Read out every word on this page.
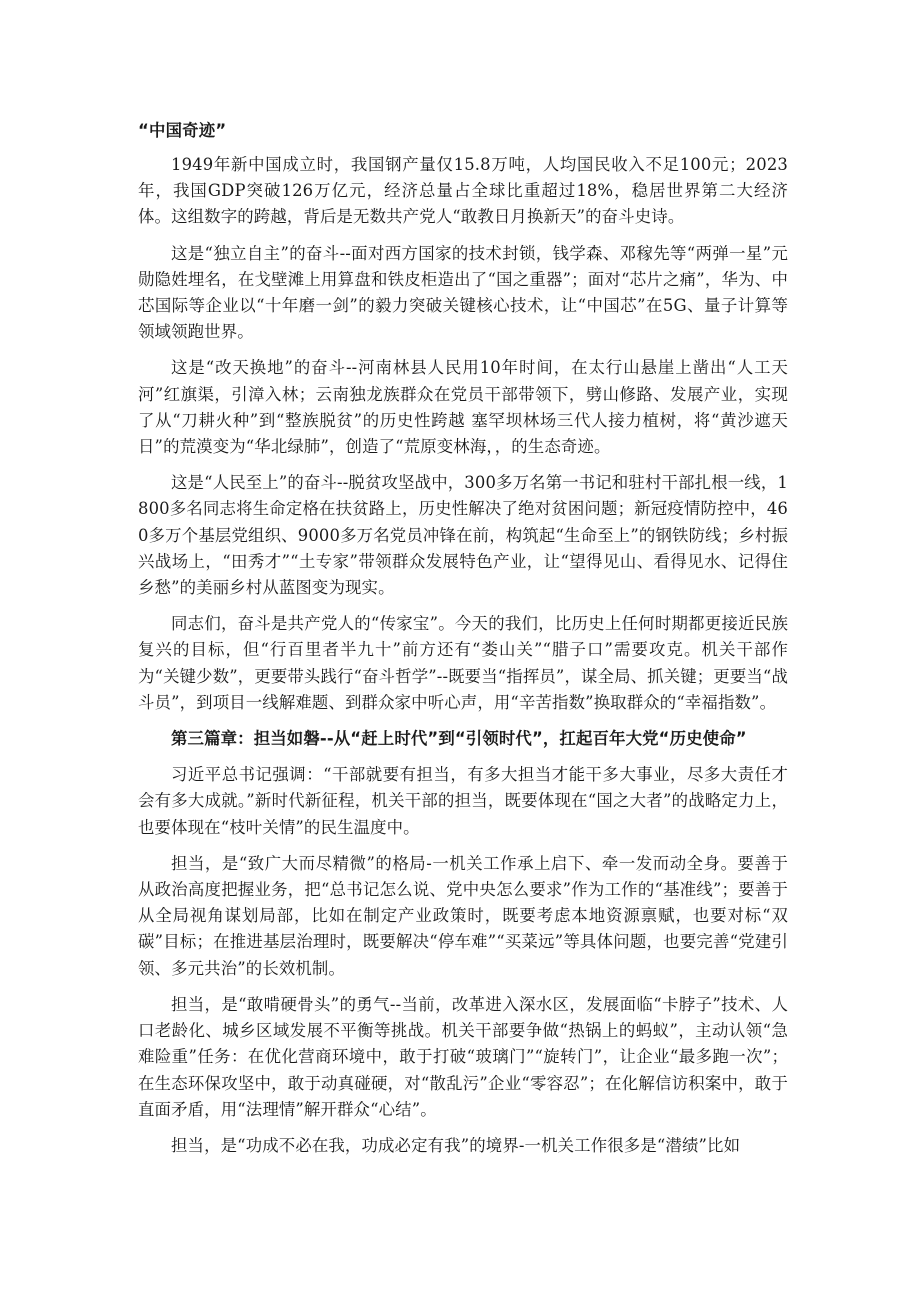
“中国奇迹”

1949年新中国成立时，我国钢产量仅15.8万吨，人均国民收入不足100元；2023年，我国GDP突破126万亿元，经济总量占全球比重超过18%，稳居世界第二大经济体。这组数字的跨越，背后是无数共产党人“敢教日月换新天”的奋斗史诗。

这是“独立自主”的奋斗--面对西方国家的技术封锁，钱学森、邓稼先等“两弹一星”元勋隐姓埋名，在戈壁滩上用算盘和铁皮柜造出了“国之重器”；面对“芯片之痛”，华为、中芯国际等企业以“十年磨一剑”的毅力突破关键核心技术，让“中国芯”在5G、量子计算等领域领跑世界。

这是“改天换地”的奋斗--河南林县人民用10年时间，在太行山悬崖上凿出“人工天河”红旗渠，引漳入林；云南独龙族群众在党员干部带领下，劈山修路、发展产业，实现了从“刀耕火种”到“整族脱贫”的历史性跨越 塞罕坝林场三代人接力植树，将“黄沙遮天日”的荒漠变为“华北绿肺”，创造了“荒原变林海，，的生态奇迹。

这是“人民至上”的奋斗--脱贫攻坚战中，300多万名第一书记和驻村干部扎根一线，1800多名同志将生命定格在扶贫路上，历史性解决了绝对贫困问题；新冠疫情防控中，460多万个基层党组织、9000多万名党员冲锋在前，构筑起“生命至上”的钢铁防线；乡村振兴战场上，“田秀才”“土专家”带领群众发展特色产业，让“望得见山、看得见水、记得住乡愁”的美丽乡村从蓝图变为现实。

同志们，奋斗是共产党人的“传家宝”。今天的我们，比历史上任何时期都更接近民族复兴的目标，但“行百里者半九十”前方还有“娄山关”“腊子口”需要攻克。机关干部作为“关键少数”，更要带头践行“奋斗哲学”--既要当“指挥员”，谋全局、抓关键；更要当“战斗员”，到项目一线解难题、到群众家中听心声，用“辛苦指数”换取群众的“幸福指数”。

第三篇章：担当如磐--从“赶上时代”到“引领时代”，扛起百年大党“历史使命”

习近平总书记强调：“干部就要有担当，有多大担当才能干多大事业，尽多大责任才会有多大成就。”新时代新征程，机关干部的担当，既要体现在“国之大者”的战略定力上，也要体现在“枝叶关情”的民生温度中。

担当，是“致广大而尽精微”的格局-一机关工作承上启下、牵一发而动全身。要善于从政治高度把握业务，把“总书记怎么说、党中央怎么要求”作为工作的“基准线”；要善于从全局视角谋划局部，比如在制定产业政策时，既要考虑本地资源禀赋，也要对标“双碳”目标；在推进基层治理时，既要解决“停车难”“买菜远”等具体问题，也要完善“党建引领、多元共治”的长效机制。

担当，是“敢啃硬骨头”的勇气--当前，改革进入深水区，发展面临“卡脖子”技术、人口老龄化、城乡区域发展不平衡等挑战。机关干部要争做“热锅上的蚂蚁”，主动认领“急难险重”任务：在优化营商环境中，敢于打破“玻璃门”“旋转门”，让企业“最多跑一次”；在生态环保攻坚中，敢于动真碰硬，对“散乱污”企业“零容忍”；在化解信访积案中，敢于直面矛盾，用“法理情”解开群众“心结”。

担当，是“功成不必在我，功成必定有我”的境界-一机关工作很多是“潜绩”比如
